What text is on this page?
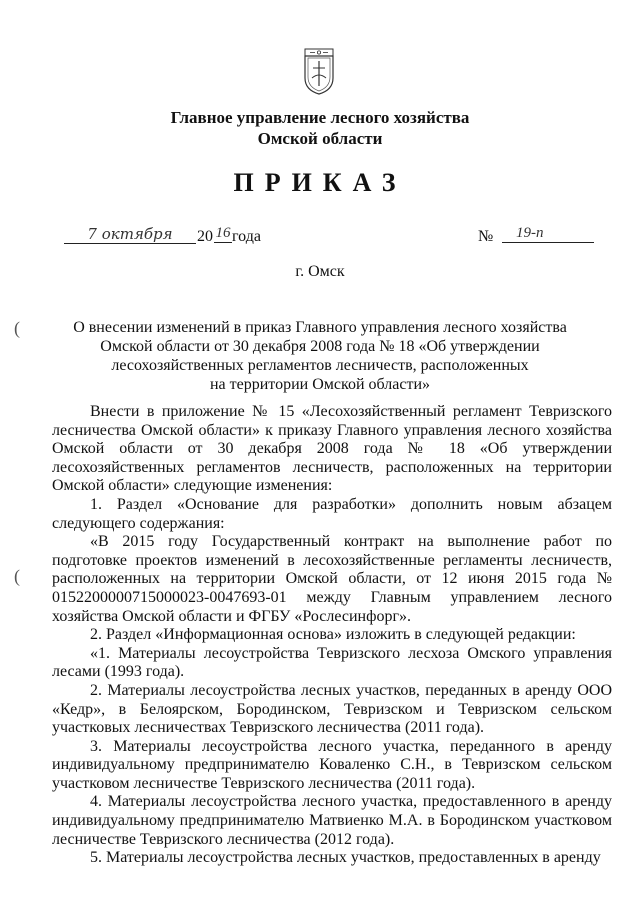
Главное управление лесного хозяйства
Омской области
ПРИКАЗ
7 октября	20 16 года	№	19-п
г. Омск
(
(
О внесении изменений в приказ Главного управления лесного хозяйства
Омской области от 30 декабря 2008 года № 18 «Об утверждении
лесохозяйственных регламентов лесничеств, расположенных
на территории Омской области»

Внести в приложение № 15 «Лесохозяйственный регламент Тевризского лесничества Омской области» к приказу Главного управления лесного хозяйства Омской области от 30 декабря 2008 года № 18 «Об утверждении лесохозяйственных регламентов лесничеств, расположенных на территории Омской области» следующие изменения:

1. Раздел «Основание для разработки» дополнить новым абзацем следующего содержания:

«В 2015 году Государственный контракт на выполнение работ по подготовке проектов изменений в лесохозяйственные регламенты лесничеств, расположенных на территории Омской области, от 12 июня 2015 года № 0152200000715000023-0047693-01 между Главным управлением лесного хозяйства Омской области и ФГБУ «Рослесинфорг».

2. Раздел «Информационная основа» изложить в следующей редакции:

«1. Материалы лесоустройства Тевризского лесхоза Омского управления лесами (1993 года).

2. Материалы лесоустройства лесных участков, переданных в аренду ООО «Кедр», в Белоярском, Бородинском, Тевризском и Тевризском сельском участковых лесничествах Тевризского лесничества (2011 года).

3. Материалы лесоустройства лесного участка, переданного в аренду индивидуальному предпринимателю Коваленко С.Н., в Тевризском сельском участковом лесничестве Тевризского лесничества (2011 года).

4. Материалы лесоустройства лесного участка, предоставленного в аренду индивидуальному предпринимателю Матвиенко М.А. в Бородинском участковом лесничестве Тевризского лесничества (2012 года).

5. Материалы лесоустройства лесных участков, предоставленных в аренду
